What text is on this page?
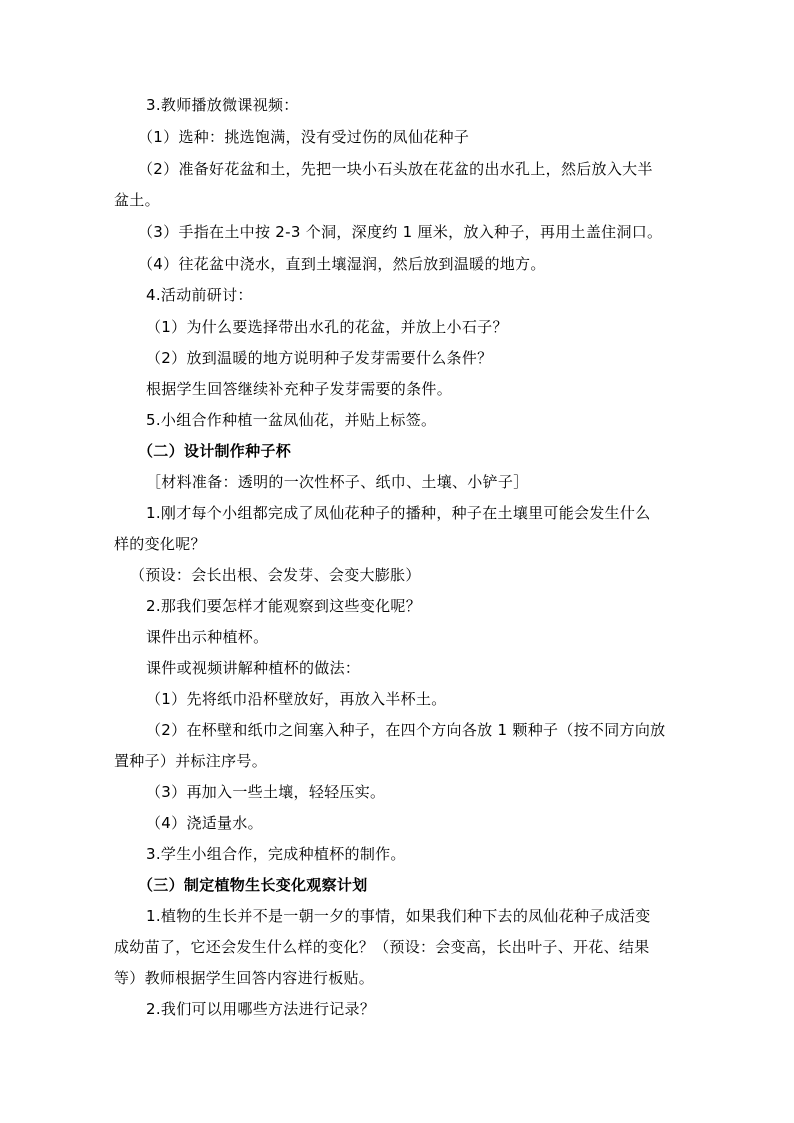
3.教师播放微课视频：
（1）选种：挑选饱满，没有受过伤的凤仙花种子
（2）准备好花盆和土，先把一块小石头放在花盆的出水孔上，然后放入大半
盆土。
（3）手指在土中按 2-3 个洞，深度约 1 厘米，放入种子，再用土盖住洞口。
（4）往花盆中浇水，直到土壤湿润，然后放到温暖的地方。
4.活动前研讨：
（1）为什么要选择带出水孔的花盆，并放上小石子？
（2）放到温暖的地方说明种子发芽需要什么条件？
根据学生回答继续补充种子发芽需要的条件。
5.小组合作种植一盆凤仙花，并贴上标签。
（二）设计制作种子杯
［材料准备：透明的一次性杯子、纸巾、土壤、小铲子］
1.刚才每个小组都完成了凤仙花种子的播种，种子在土壤里可能会发生什么
样的变化呢？
（预设：会长出根、会发芽、会变大膨胀）
2.那我们要怎样才能观察到这些变化呢？
课件出示种植杯。
课件或视频讲解种植杯的做法：
（1）先将纸巾沿杯壁放好，再放入半杯土。
（2）在杯壁和纸巾之间塞入种子，在四个方向各放 1 颗种子（按不同方向放
置种子）并标注序号。
（3）再加入一些土壤，轻轻压实。
（4）浇适量水。
3.学生小组合作，完成种植杯的制作。
（三）制定植物生长变化观察计划
1.植物的生长并不是一朝一夕的事情，如果我们种下去的凤仙花种子成活变
成幼苗了，它还会发生什么样的变化？（预设：会变高，长出叶子、开花、结果
等）教师根据学生回答内容进行板贴。
2.我们可以用哪些方法进行记录？
